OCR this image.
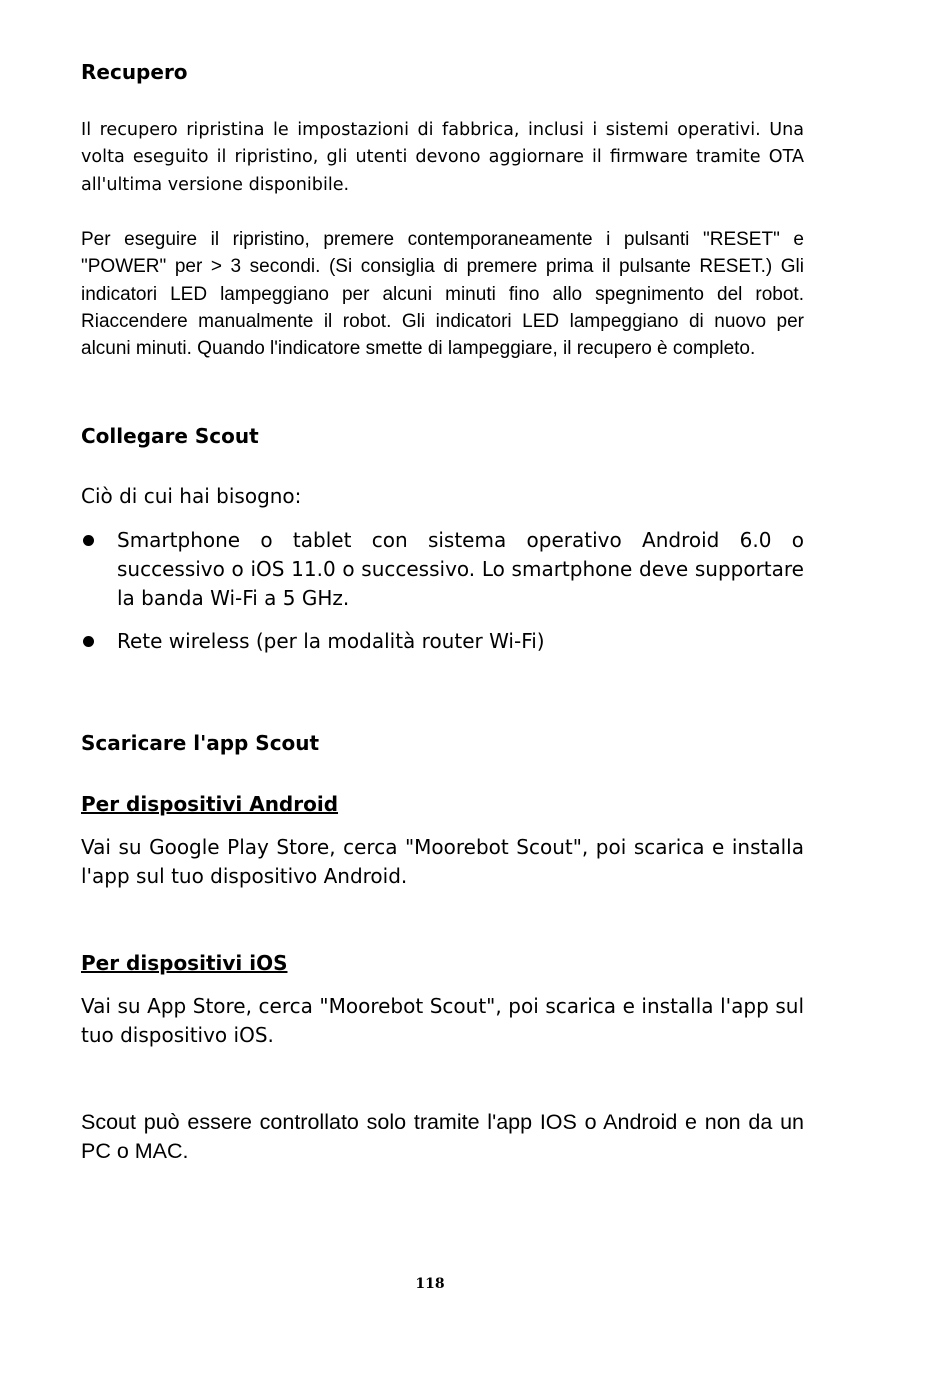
Recupero

Il recupero ripristina le impostazioni di fabbrica, inclusi i sistemi operativi. Una volta eseguito il ripristino, gli utenti devono aggiornare il firmware tramite OTA all'ultima versione disponibile.

Per eseguire il ripristino, premere contemporaneamente i pulsanti "RESET" e "POWER" per > 3 secondi. (Si consiglia di premere prima il pulsante RESET.) Gli indicatori LED lampeggiano per alcuni minuti fino allo spegnimento del robot. Riaccendere manualmente il robot. Gli indicatori LED lampeggiano di nuovo per alcuni minuti. Quando l'indicatore smette di lampeggiare, il recupero è completo.

Collegare Scout

Ciò di cui hai bisogno:

Smartphone o tablet con sistema operativo Android 6.0 o successivo o iOS 11.0 o successivo. Lo smartphone deve supportare la banda Wi-Fi a 5 GHz.
Rete wireless (per la modalità router Wi-Fi)
Scaricare l'app Scout
Per dispositivi Android

Vai su Google Play Store, cerca "Moorebot Scout", poi scarica e installa l'app sul tuo dispositivo Android.

Per dispositivi iOS

Vai su App Store, cerca "Moorebot Scout", poi scarica e installa l'app sul tuo dispositivo iOS.

Scout può essere controllato solo tramite l'app IOS o Android e non da un PC o MAC.

118
